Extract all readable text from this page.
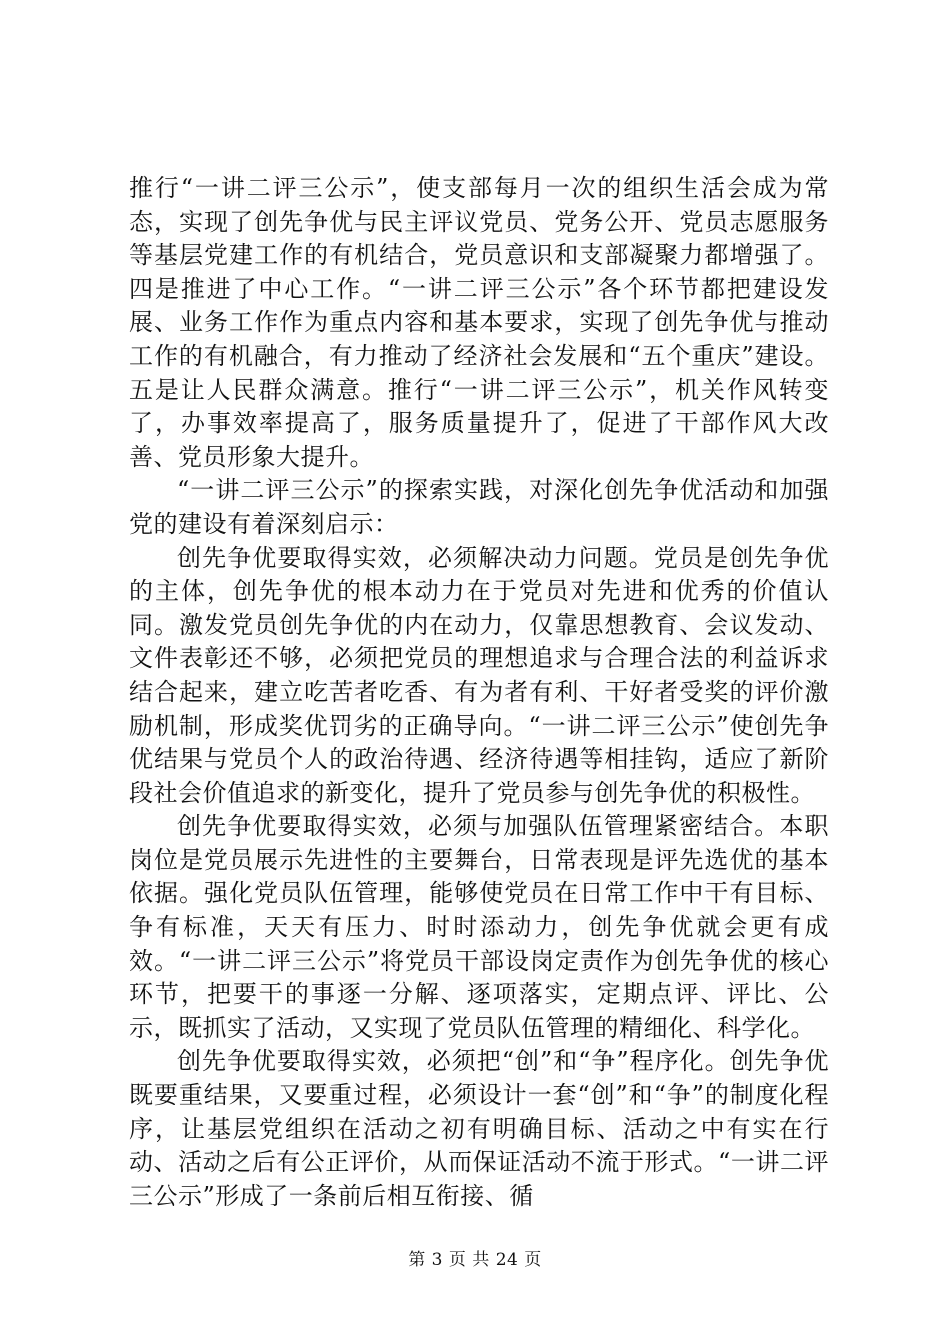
推行“一讲二评三公示”，使支部每月一次的组织生活会成为常态，实现了创先争优与民主评议党员、党务公开、党员志愿服务等基层党建工作的有机结合，党员意识和支部凝聚力都增强了。四是推进了中心工作。“一讲二评三公示”各个环节都把建设发展、业务工作作为重点内容和基本要求，实现了创先争优与推动工作的有机融合，有力推动了经济社会发展和“五个重庆”建设。五是让人民群众满意。推行“一讲二评三公示”，机关作风转变了，办事效率提高了，服务质量提升了，促进了干部作风大改善、党员形象大提升。

“一讲二评三公示”的探索实践，对深化创先争优活动和加强党的建设有着深刻启示：

创先争优要取得实效，必须解决动力问题。党员是创先争优的主体，创先争优的根本动力在于党员对先进和优秀的价值认同。激发党员创先争优的内在动力，仅靠思想教育、会议发动、文件表彰还不够，必须把党员的理想追求与合理合法的利益诉求结合起来，建立吃苦者吃香、有为者有利、干好者受奖的评价激励机制，形成奖优罚劣的正确导向。“一讲二评三公示”使创先争优结果与党员个人的政治待遇、经济待遇等相挂钩，适应了新阶段社会价值追求的新变化，提升了党员参与创先争优的积极性。

创先争优要取得实效，必须与加强队伍管理紧密结合。本职岗位是党员展示先进性的主要舞台，日常表现是评先选优的基本依据。强化党员队伍管理，能够使党员在日常工作中干有目标、争有标准，天天有压力、时时添动力，创先争优就会更有成效。“一讲二评三公示”将党员干部设岗定责作为创先争优的核心环节，把要干的事逐一分解、逐项落实，定期点评、评比、公示，既抓实了活动，又实现了党员队伍管理的精细化、科学化。

创先争优要取得实效，必须把“创”和“争”程序化。创先争优既要重结果，又要重过程，必须设计一套“创”和“争”的制度化程序，让基层党组织在活动之初有明确目标、活动之中有实在行动、活动之后有公正评价，从而保证活动不流于形式。“一讲二评三公示”形成了一条前后相互衔接、循

第 3 页 共 24 页
